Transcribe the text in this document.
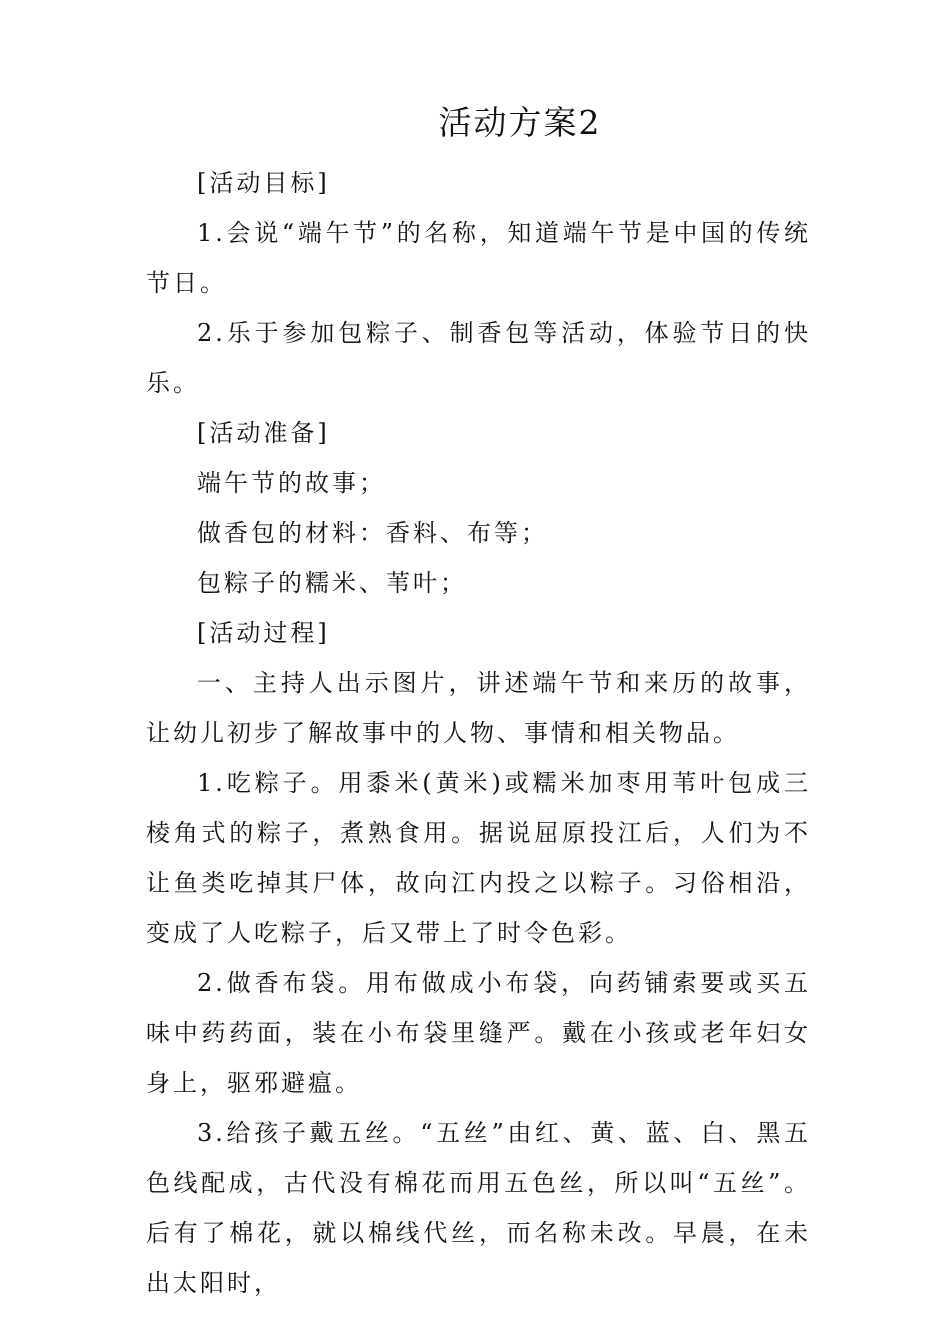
活动方案2

[活动目标]

1.会说“端午节”的名称，知道端午节是中国的传统节日。

2.乐于参加包粽子、制香包等活动，体验节日的快乐。

[活动准备]

端午节的故事；

做香包的材料：香料、布等；

包粽子的糯米、苇叶；

[活动过程]

一、主持人出示图片，讲述端午节和来历的故事，让幼儿初步了解故事中的人物、事情和相关物品。

1.吃粽子。用黍米(黄米)或糯米加枣用苇叶包成三棱角式的粽子，煮熟食用。据说屈原投江后，人们为不让鱼类吃掉其尸体，故向江内投之以粽子。习俗相沿，变成了人吃粽子，后又带上了时令色彩。

2.做香布袋。用布做成小布袋，向药铺索要或买五味中药药面，装在小布袋里缝严。戴在小孩或老年妇女身上，驱邪避瘟。

3.给孩子戴五丝。“五丝”由红、黄、蓝、白、黑五色线配成，古代没有棉花而用五色丝，所以叫“五丝”。后有了棉花，就以棉线代丝，而名称未改。早晨，在未出太阳时，
